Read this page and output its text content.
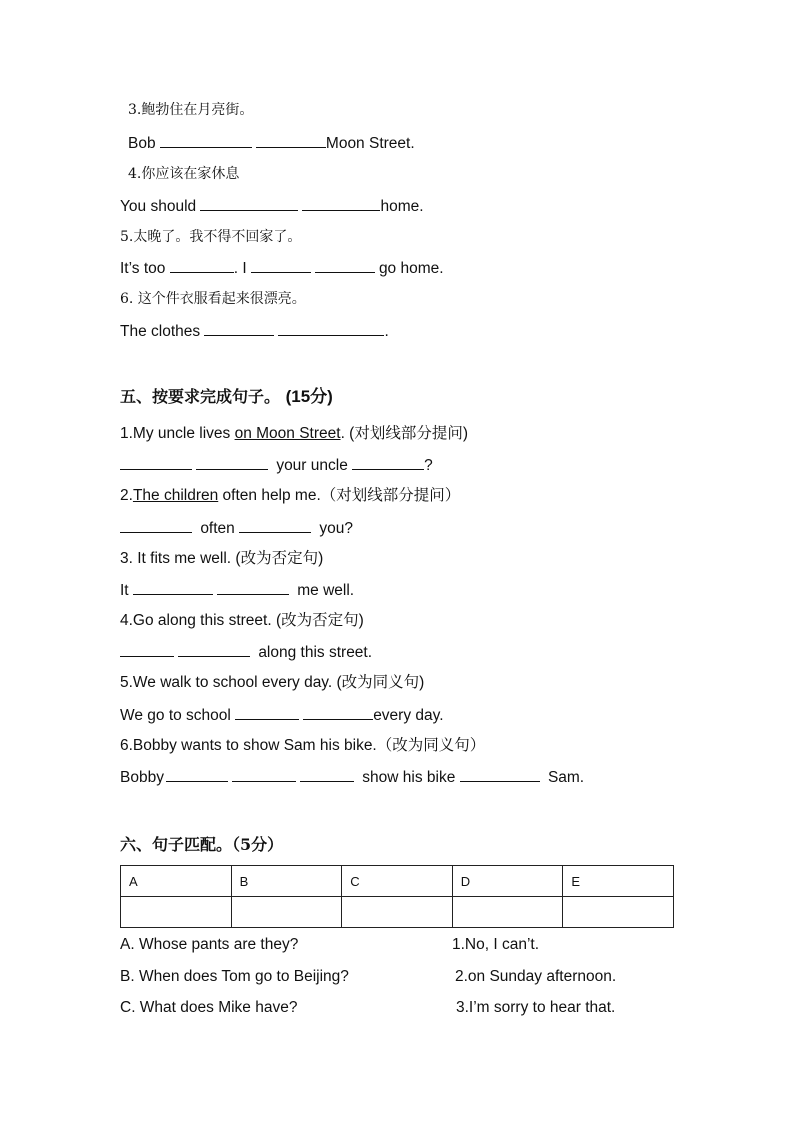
3.鲍勃住在月亮街。
Bob	Moon Street.
4.你应该在家休息
You should	home.
5.太晚了。我不得不回家了。
It’s too	. I	go home.
6. 这个件衣服看起来很漂亮。
The clothes	.
五、按要求完成句子。 (15分)
1.My uncle lives on Moon Street. (对划线部分提问)
your uncle	?
2.The children often help me.（对划线部分提问）
often	you?
3. It fits me well. (改为否定句)
It	me well.
4.Go along this street. (改为否定句)
along this street.
5.We walk to school every day. (改为同义句)
We go to school	every day.
6.Bobby wants to show Sam his bike.（改为同义句）
Bobby	show his bike	Sam.
六、句子匹配。（5分）
A	B	C	D	E

A. Whose pants are they?	1.No, I can’t.
B. When does Tom go to Beijing?	2.on Sunday afternoon.
C. What does Mike have?	3.I’m sorry to hear that.
